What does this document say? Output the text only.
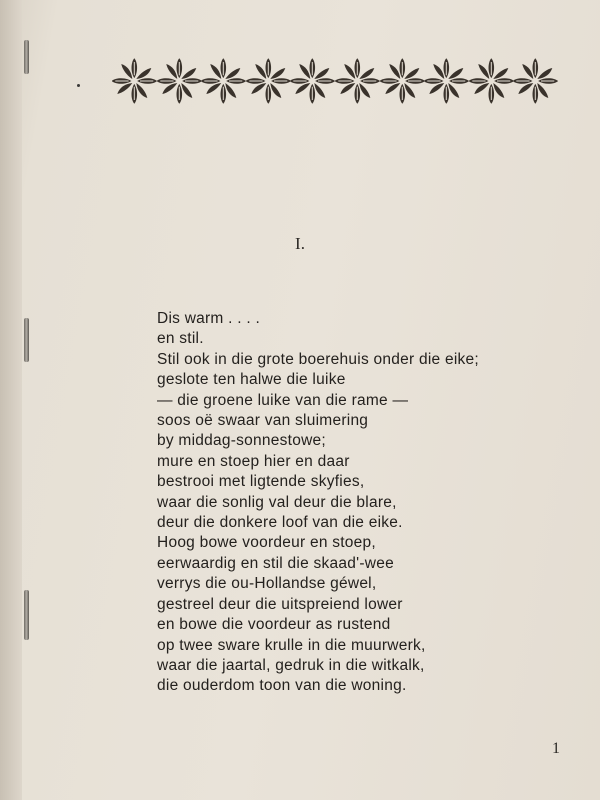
I.
Dis warm . . . .
en stil.
Stil ook in die grote boerehuis onder die eike;
geslote ten halwe die luike
— die groene luike van die rame —
soos oë swaar van sluimering
by middag-sonnestowe;
mure en stoep hier en daar
bestrooi met ligtende skyfies,
waar die sonlig val deur die blare,
deur die donkere loof van die eike.
Hoog bowe voordeur en stoep,
eerwaardig en stil die skaad'-wee
verrys die ou-Hollandse géwel,
gestreel deur die uitspreiend lower
en bowe die voordeur as rustend
op twee sware krulle in die muurwerk,
waar die jaartal, gedruk in die witkalk,
die ouderdom toon van die woning.
1
